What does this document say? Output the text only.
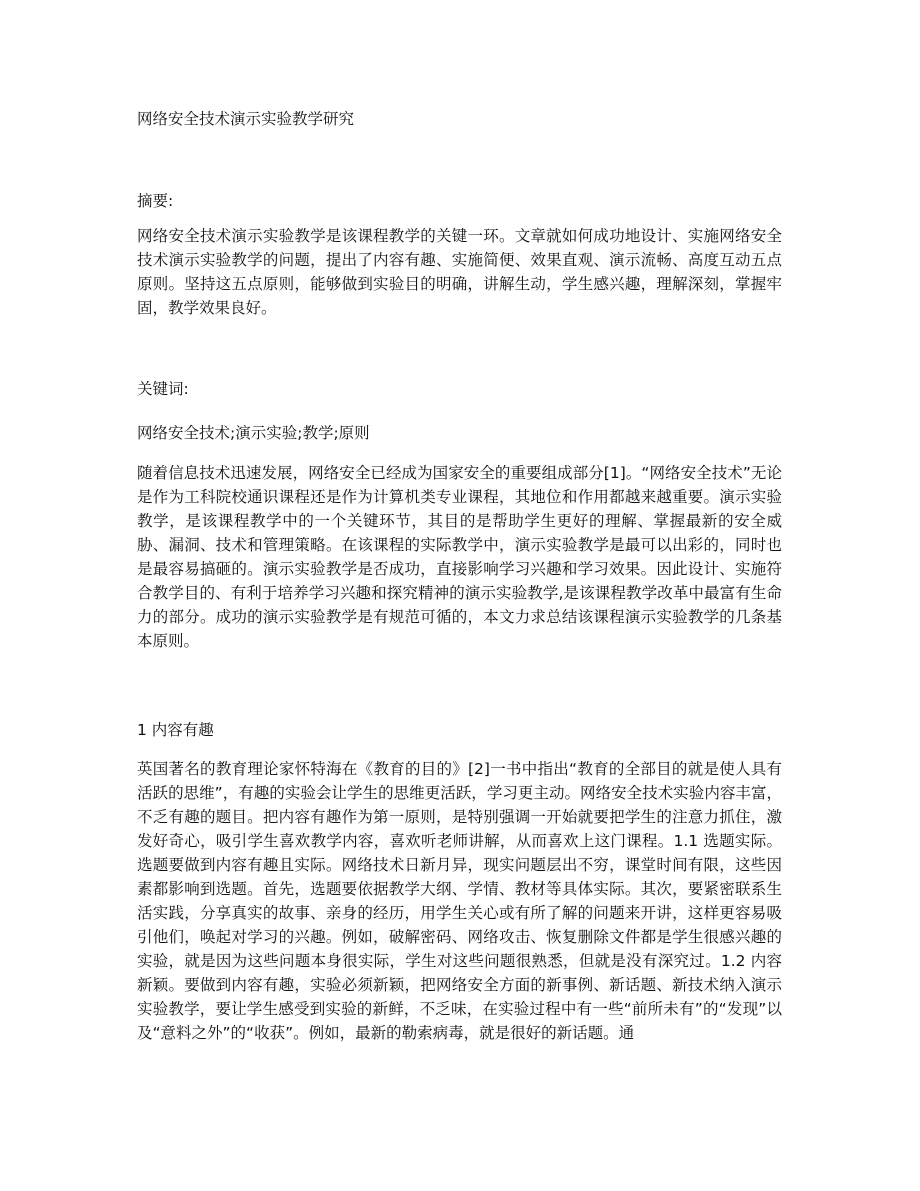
网络安全技术演示实验教学研究

摘要:

网络安全技术演示实验教学是该课程教学的关键一环。文章就如何成功地设计、实施网络安全技术演示实验教学的问题，提出了内容有趣、实施简便、效果直观、演示流畅、高度互动五点原则。坚持这五点原则，能够做到实验目的明确，讲解生动，学生感兴趣，理解深刻，掌握牢固，教学效果良好。

关键词:

网络安全技术;演示实验;教学;原则

随着信息技术迅速发展，网络安全已经成为国家安全的重要组成部分[1]。“网络安全技术”无论是作为工科院校通识课程还是作为计算机类专业课程，其地位和作用都越来越重要。演示实验教学，是该课程教学中的一个关键环节，其目的是帮助学生更好的理解、掌握最新的安全威胁、漏洞、技术和管理策略。在该课程的实际教学中，演示实验教学是最可以出彩的，同时也是最容易搞砸的。演示实验教学是否成功，直接影响学习兴趣和学习效果。因此设计、实施符合教学目的、有利于培养学习兴趣和探究精神的演示实验教学,是该课程教学改革中最富有生命力的部分。成功的演示实验教学是有规范可循的，本文力求总结该课程演示实验教学的几条基本原则。

1 内容有趣

英国著名的教育理论家怀特海在《教育的目的》[2]一书中指出“教育的全部目的就是使人具有活跃的思维”，有趣的实验会让学生的思维更活跃，学习更主动。网络安全技术实验内容丰富，不乏有趣的题目。把内容有趣作为第一原则，是特别强调一开始就要把学生的注意力抓住，激发好奇心，吸引学生喜欢教学内容，喜欢听老师讲解，从而喜欢上这门课程。1.1 选题实际。选题要做到内容有趣且实际。网络技术日新月异，现实问题层出不穷，课堂时间有限，这些因素都影响到选题。首先，选题要依据教学大纲、学情、教材等具体实际。其次，要紧密联系生活实践，分享真实的故事、亲身的经历，用学生关心或有所了解的问题来开讲，这样更容易吸引他们，唤起对学习的兴趣。例如，破解密码、网络攻击、恢复删除文件都是学生很感兴趣的实验，就是因为这些问题本身很实际，学生对这些问题很熟悉，但就是没有深究过。1.2 内容新颖。要做到内容有趣，实验必须新颖，把网络安全方面的新事例、新话题、新技术纳入演示实验教学，要让学生感受到实验的新鲜，不乏味，在实验过程中有一些“前所未有”的“发现”以及“意料之外”的“收获”。例如，最新的勒索病毒，就是很好的新话题。通
